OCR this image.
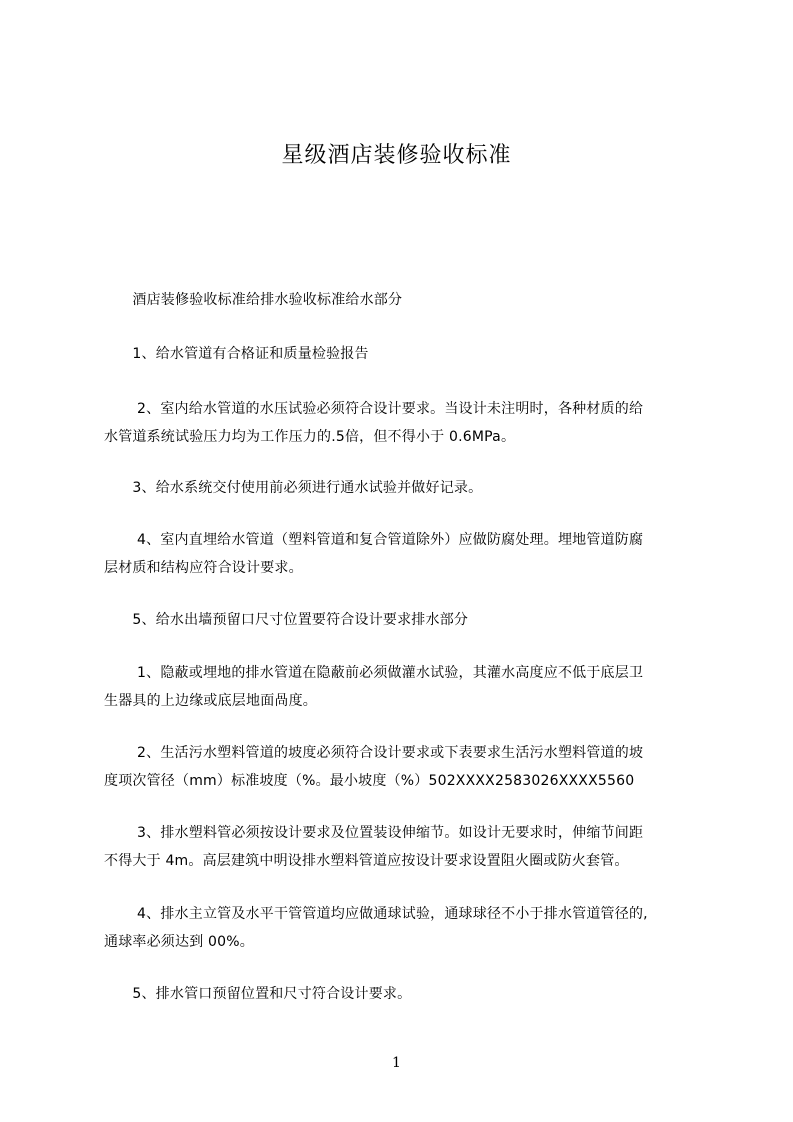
星级酒店装修验收标准
　　酒店装修验收标准给排水验收标准给水部分
　　1、给水管道有合格证和质量检验报告
　　 2、室内给水管道的水压试验必须符合设计要求。当设计未注明时，各种材质的给
水管道系统试验压力均为工作压力的.5倍，但不得小于 0.6MPa。
　　3、给水系统交付使用前必须进行通水试验并做好记录。
　　 4、室内直埋给水管道（塑料管道和复合管道除外）应做防腐处理。埋地管道防腐
层材质和结构应符合设计要求。
　　5、给水出墙预留口尺寸位置要符合设计要求排水部分
　　 1、隐蔽或埋地的排水管道在隐蔽前必须做灌水试验，其灌水高度应不低于底层卫
生器具的上边缘或底层地面咼度。
　　 2、生活污水塑料管道的坡度必须符合设计要求或下表要求生活污水塑料管道的坡
度项次管径（mm）标准坡度（%。最小坡度（%）502XXXX2583026XXXX5560
　　 3、排水塑料管必须按设计要求及位置装设伸缩节。如设计无要求时，伸缩节间距
不得大于 4m。高层建筑中明设排水塑料管道应按设计要求设置阻火圈或防火套管。
　　 4、排水主立管及水平干管管道均应做通球试验，通球球径不小于排水管道管径的,
通球率必须达到 00%。
　　5、排水管口预留位置和尺寸符合设计要求。
1
